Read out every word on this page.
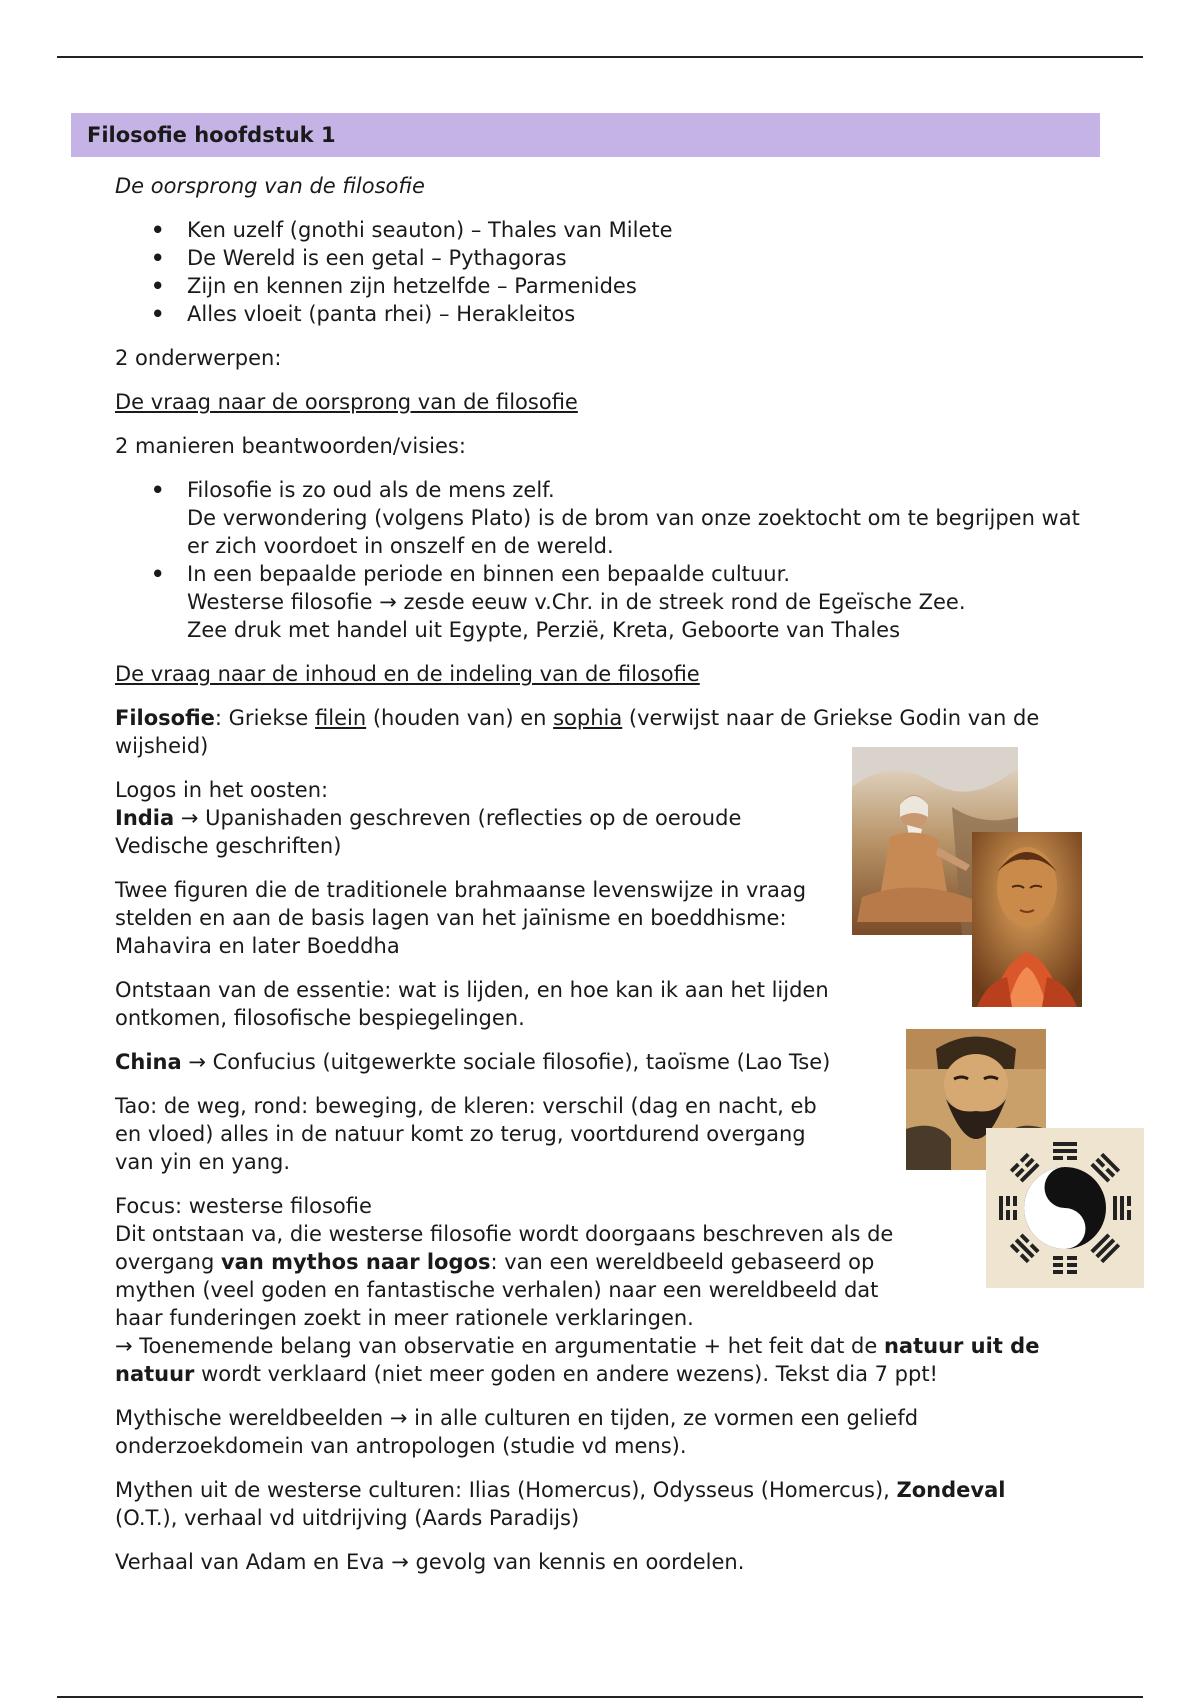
Filosofie hoofdstuk 1

De oorsprong van de filosofie

• Ken uzelf (gnothi seauton) – Thales van Milete
• De Wereld is een getal – Pythagoras
• Zijn en kennen zijn hetzelfde – Parmenides
• Alles vloeit (panta rhei) – Herakleitos

2 onderwerpen:

De vraag naar de oorsprong van de filosofie

2 manieren beantwoorden/visies:

• Filosofie is zo oud als de mens zelf.
De verwondering (volgens Plato) is de brom van onze zoektocht om te begrijpen wat er zich voordoet in onszelf en de wereld.
• In een bepaalde periode en binnen een bepaalde cultuur.
Westerse filosofie → zesde eeuw v.Chr. in de streek rond de Egeïsche Zee.
Zee druk met handel uit Egypte, Perzië, Kreta, Geboorte van Thales

De vraag naar de inhoud en de indeling van de filosofie

Filosofie: Griekse filein (houden van) en sophia (verwijst naar de Griekse Godin van de wijsheid)

Logos in het oosten:
India → Upanishaden geschreven (reflecties op de oeroude Vedische geschriften)

Twee figuren die de traditionele brahmaanse levenswijze in vraag stelden en aan de basis lagen van het jaïnisme en boeddhisme: Mahavira en later Boeddha

Ontstaan van de essentie: wat is lijden, en hoe kan ik aan het lijden ontkomen, filosofische bespiegelingen.

China → Confucius (uitgewerkte sociale filosofie), taoïsme (Lao Tse)

Tao: de weg, rond: beweging, de kleren: verschil (dag en nacht, eb en vloed) alles in de natuur komt zo terug, voortdurend overgang van yin en yang.

Focus: westerse filosofie

Dit ontstaan va, die westerse filosofie wordt doorgaans beschreven als de overgang van mythos naar logos: van een wereldbeeld gebaseerd op mythen (veel goden en fantastische verhalen) naar een wereldbeeld dat haar funderingen zoekt in meer rationele verklaringen.
→ Toenemende belang van observatie en argumentatie + het feit dat de natuur uit de natuur wordt verklaard (niet meer goden en andere wezens). Tekst dia 7 ppt!

Mythische wereldbeelden → in alle culturen en tijden, ze vormen een geliefd onderzoekdomein van antropologen (studie vd mens).

Mythen uit de westerse culturen: Ilias (Homercus), Odysseus (Homercus), Zondeval (O.T.), verhaal vd uitdrijving (Aards Paradijs)

Verhaal van Adam en Eva → gevolg van kennis en oordelen.
